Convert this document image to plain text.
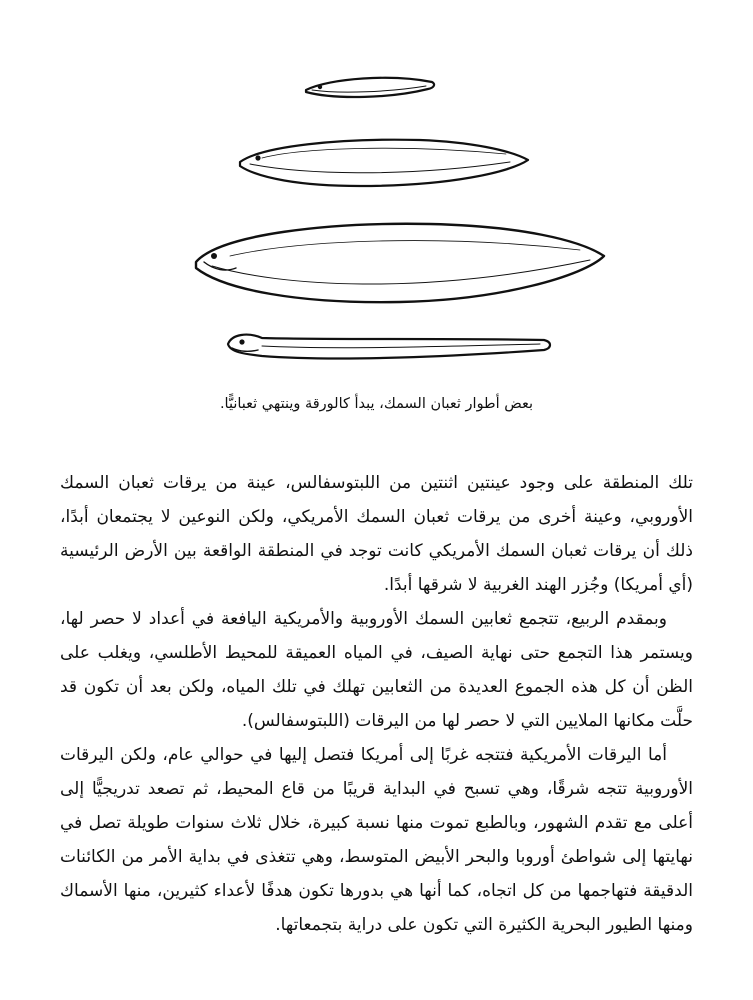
بعض أطوار ثعبان السمك، يبدأ كالورقة وينتهي ثعبانيًّا.

تلك المنطقة على وجود عينتين اثنتين من اللبتوسفالس، عينة من يرقات ثعبان السمك الأوروبي، وعينة أخرى من يرقات ثعبان السمك الأمريكي، ولكن النوعين لا يجتمعان أبدًا، ذلك أن يرقات ثعبان السمك الأمريكي كانت توجد في المنطقة الواقعة بين الأرض الرئيسية (أي أمريكا) وجُزر الهند الغربية لا شرقها أبدًا.

وبمقدم الربيع، تتجمع ثعابين السمك الأوروبية والأمريكية اليافعة في أعداد لا حصر لها، ويستمر هذا التجمع حتى نهاية الصيف، في المياه العميقة للمحيط الأطلسي، ويغلب على الظن أن كل هذه الجموع العديدة من الثعابين تهلك في تلك المياه، ولكن بعد أن تكون قد حلَّت مكانها الملايين التي لا حصر لها من اليرقات (اللبتوسفالس).

أما اليرقات الأمريكية فتتجه غربًا إلى أمريكا فتصل إليها في حوالي عام، ولكن اليرقات الأوروبية تتجه شرقًا، وهي تسبح في البداية قريبًا من قاع المحيط، ثم تصعد تدريجيًّا إلى أعلى مع تقدم الشهور، وبالطبع تموت منها نسبة كبيرة، خلال ثلاث سنوات طويلة تصل في نهايتها إلى شواطئ أوروبا والبحر الأبيض المتوسط، وهي تتغذى في بداية الأمر من الكائنات الدقيقة فتهاجمها من كل اتجاه، كما أنها هي بدورها تكون هدفًا لأعداء كثيرين، منها الأسماك ومنها الطيور البحرية الكثيرة التي تكون على دراية بتجمعاتها.
